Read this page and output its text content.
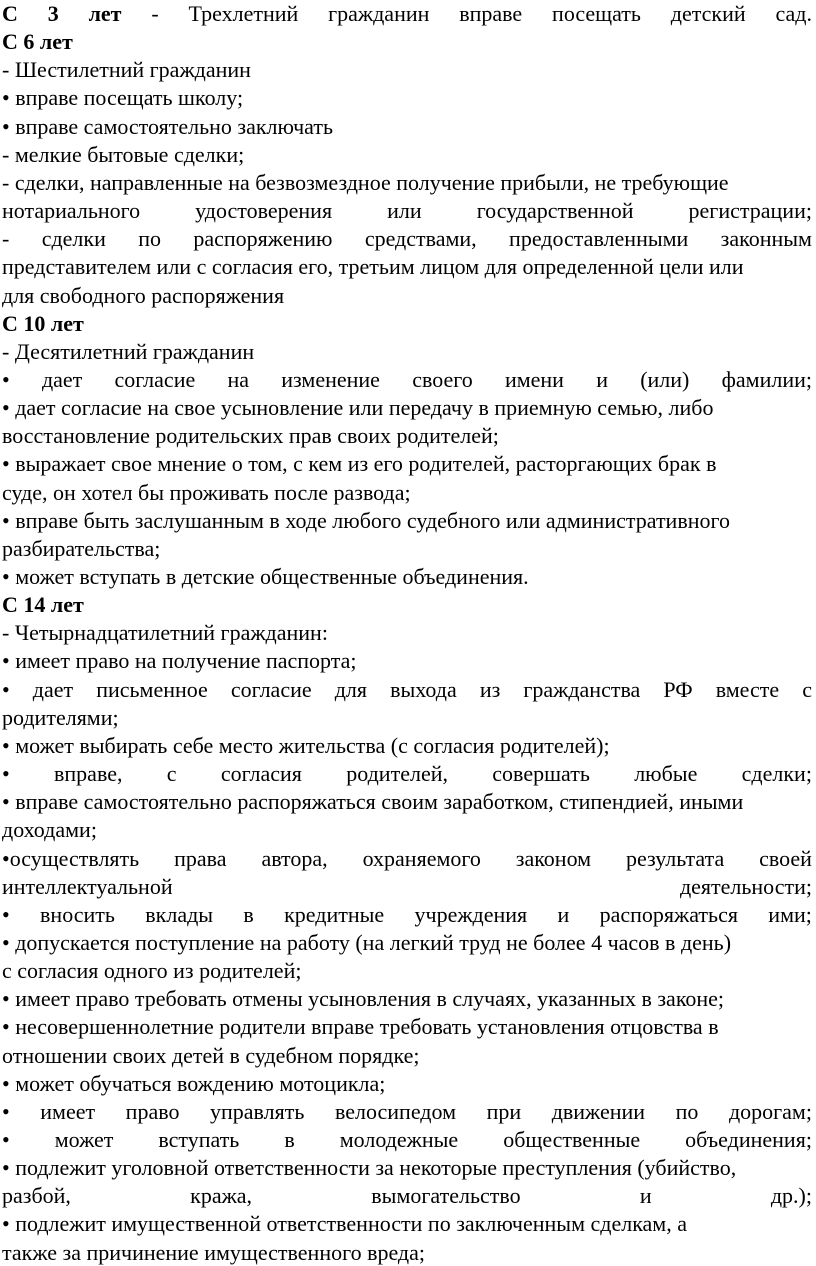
С 3 лет - Трехлетний гражданин вправе посещать детский сад.

С 6 лет

- Шестилетний гражданин

• вправе посещать школу;

• вправе самостоятельно заключать

- мелкие бытовые сделки;

- сделки, направленные на безвозмездное получение прибыли, не требующие

нотариального	удостоверения	или	государственной	регистрации;

- сделки по распоряжению средствами, предоставленными законным

представителем или с согласия его, третьим лицом для определенной цели или

для свободного распоряжения

С 10 лет

- Десятилетний гражданин

• дает согласие на изменение своего имени и (или) фамилии;

• дает согласие на свое усыновление или передачу в приемную семью, либо

восстановление родительских прав своих родителей;

• выражает свое мнение о том, с кем из его родителей, расторгающих брак в

суде, он хотел бы проживать после развода;

• вправе быть заслушанным в ходе любого судебного или административного

разбирательства;

• может вступать в детские общественные объединения.

С 14 лет

- Четырнадцатилетний гражданин:

• имеет право на получение паспорта;

• дает письменное согласие для выхода из гражданства РФ вместе с

родителями;

• может выбирать себе место жительства (с согласия родителей);

• вправе, с согласия родителей, совершать любые сделки;

• вправе самостоятельно распоряжаться своим заработком, стипендией, иными

доходами;

•осуществлять права автора, охраняемого законом результата своей

интеллектуальной	деятельности;

• вносить вклады в кредитные учреждения и распоряжаться ими;

• допускается поступление на работу (на легкий труд не более 4 часов в день)

с согласия одного из родителей;

• имеет право требовать отмены усыновления в случаях, указанных в законе;

• несовершеннолетние родители вправе требовать установления отцовства в

отношении своих детей в судебном порядке;

• может обучаться вождению мотоцикла;

• имеет право управлять велосипедом при движении по дорогам;

• может вступать в молодежные общественные объединения;

• подлежит уголовной ответственности за некоторые преступления (убийство,

разбой,	кража,	вымогательство	и	др.);

• подлежит имущественной ответственности по заключенным сделкам, а

также за причинение имущественного вреда;
